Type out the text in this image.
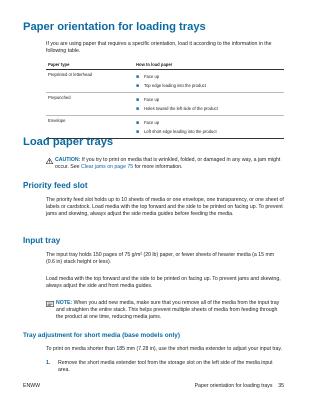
Paper orientation for loading trays
If you are using paper that requires a specific orientation, load it according to the information in the following table.
Paper type	How to load paper
Preprinted or letterhead	■ Face up
■ Top edge leading into the product

Prepunched	■ Face up
■ Holes toward the left side of the product

Envelope	■ Face up
■ Left short edge leading into the product
Load paper trays
CAUTION: If you try to print on media that is wrinkled, folded, or damaged in any way, a jam might occur. See Clear jams on page 75 for more information.
Priority feed slot
The priority feed slot holds up to 10 sheets of media or one envelope, one transparency, or one sheet of labels or cardstock. Load media with the top forward and the side to be printed on facing up. To prevent jams and skewing, always adjust the side media guides before feeding the media.
Input tray
The input tray holds 150 pages of 75 g/m² (20 lb) paper, or fewer sheets of heavier media (a 15 mm (0.6 in) stack height or less).
Load media with the top forward and the side to be printed on facing up. To prevent jams and skewing, always adjust the side and front media guides.
NOTE: When you add new media, make sure that you remove all of the media from the input tray and straighten the entire stack. This helps prevent multiple sheets of media from feeding through the product at one time, reducing media jams.
Tray adjustment for short media (base models only)
To print on media shorter than 185 mm (7.28 in), use the short media extender to adjust your input tray.
1. Remove the short media extender tool from the storage slot on the left side of the media input area.
ENWW	Paper orientation for loading trays 35
